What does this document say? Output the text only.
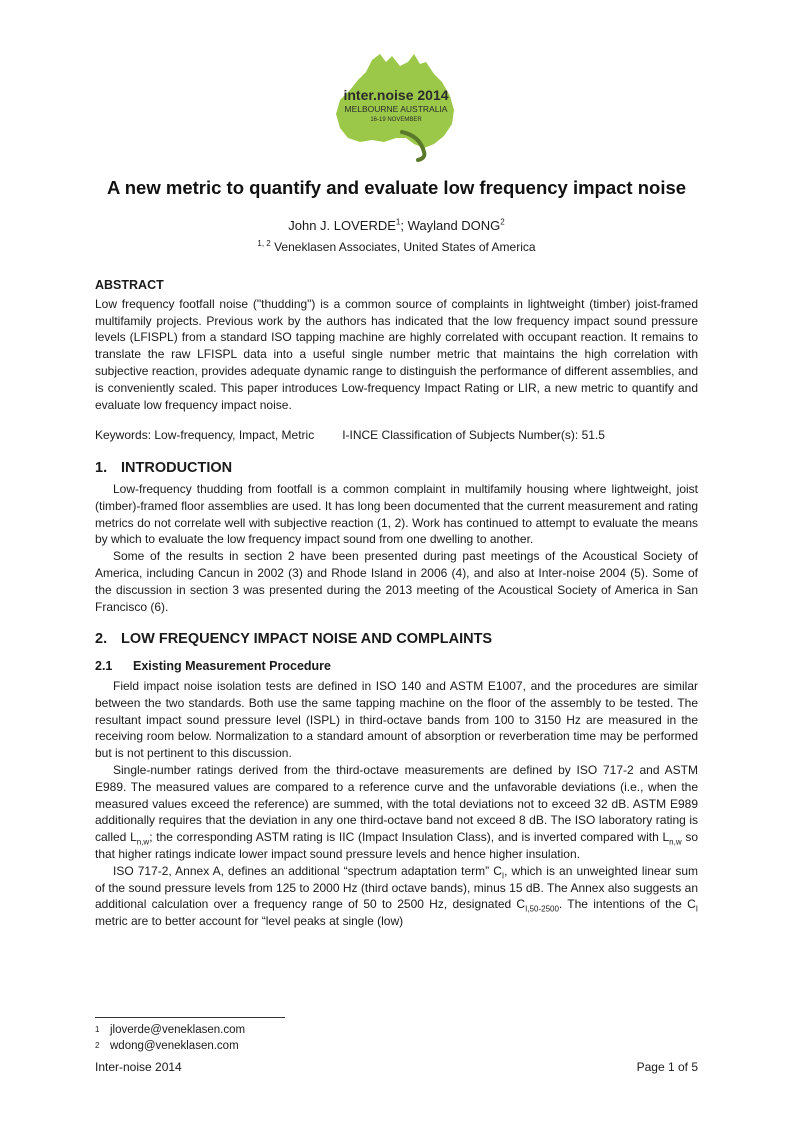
inter.noise 2014
MELBOURNE AUSTRALIA
16-19 NOVEMBER
A new metric to quantify and evaluate low frequency impact noise
John J. LOVERDE$^1$; Wayland DONG$^2$
$^{1, 2}$ Veneklasen Associates, United States of America
ABSTRACT

Low frequency footfall noise ("thudding") is a common source of complaints in lightweight (timber) joist-framed multifamily projects. Previous work by the authors has indicated that the low frequency impact sound pressure levels (LFISPL) from a standard ISO tapping machine are highly correlated with occupant reaction. It remains to translate the raw LFISPL data into a useful single number metric that maintains the high correlation with subjective reaction, provides adequate dynamic range to distinguish the performance of different assemblies, and is conveniently scaled. This paper introduces Low-frequency Impact Rating or LIR, a new metric to quantify and evaluate low frequency impact noise.

Keywords: Low-frequency, Impact, Metric I-INCE Classification of Subjects Number(s): 51.5
1. INTRODUCTION

Low-frequency thudding from footfall is a common complaint in multifamily housing where lightweight, joist (timber)-framed floor assemblies are used. It has long been documented that the current measurement and rating metrics do not correlate well with subjective reaction (1, 2). Work has continued to attempt to evaluate the means by which to evaluate the low frequency impact sound from one dwelling to another.

Some of the results in section 2 have been presented during past meetings of the Acoustical Society of America, including Cancun in 2002 (3) and Rhode Island in 2006 (4), and also at Inter-noise 2004 (5). Some of the discussion in section 3 was presented during the 2013 meeting of the Acoustical Society of America in San Francisco (6).

2. LOW FREQUENCY IMPACT NOISE AND COMPLAINTS
2.1 Existing Measurement Procedure

Field impact noise isolation tests are defined in ISO 140 and ASTM E1007, and the procedures are similar between the two standards. Both use the same tapping machine on the floor of the assembly to be tested. The resultant impact sound pressure level (ISPL) in third-octave bands from 100 to 3150 Hz are measured in the receiving room below. Normalization to a standard amount of absorption or reverberation time may be performed but is not pertinent to this discussion.

Single-number ratings derived from the third-octave measurements are defined by ISO 717-2 and ASTM E989. The measured values are compared to a reference curve and the unfavorable deviations (i.e., when the measured values exceed the reference) are summed, with the total deviations not to exceed 32 dB. ASTM E989 additionally requires that the deviation in any one third-octave band not exceed 8 dB. The ISO laboratory rating is called $L_{n,w}$; the corresponding ASTM rating is IIC (Impact Insulation Class), and is inverted compared with $L_{n,w}$ so that higher ratings indicate lower impact sound pressure levels and hence higher insulation.

ISO 717-2, Annex A, defines an additional “spectrum adaptation term” $C_I$, which is an unweighted linear sum of the sound pressure levels from 125 to 2000 Hz (third octave bands), minus 15 dB. The Annex also suggests an additional calculation over a frequency range of 50 to 2500 Hz, designated $C_{I,50-2500}$. The intentions of the $C_I$ metric are to better account for “level peaks at single (low)

1 jloverde@veneklasen.com
2 wdong@veneklasen.com
Inter-noise 2014	Page 1 of 5
